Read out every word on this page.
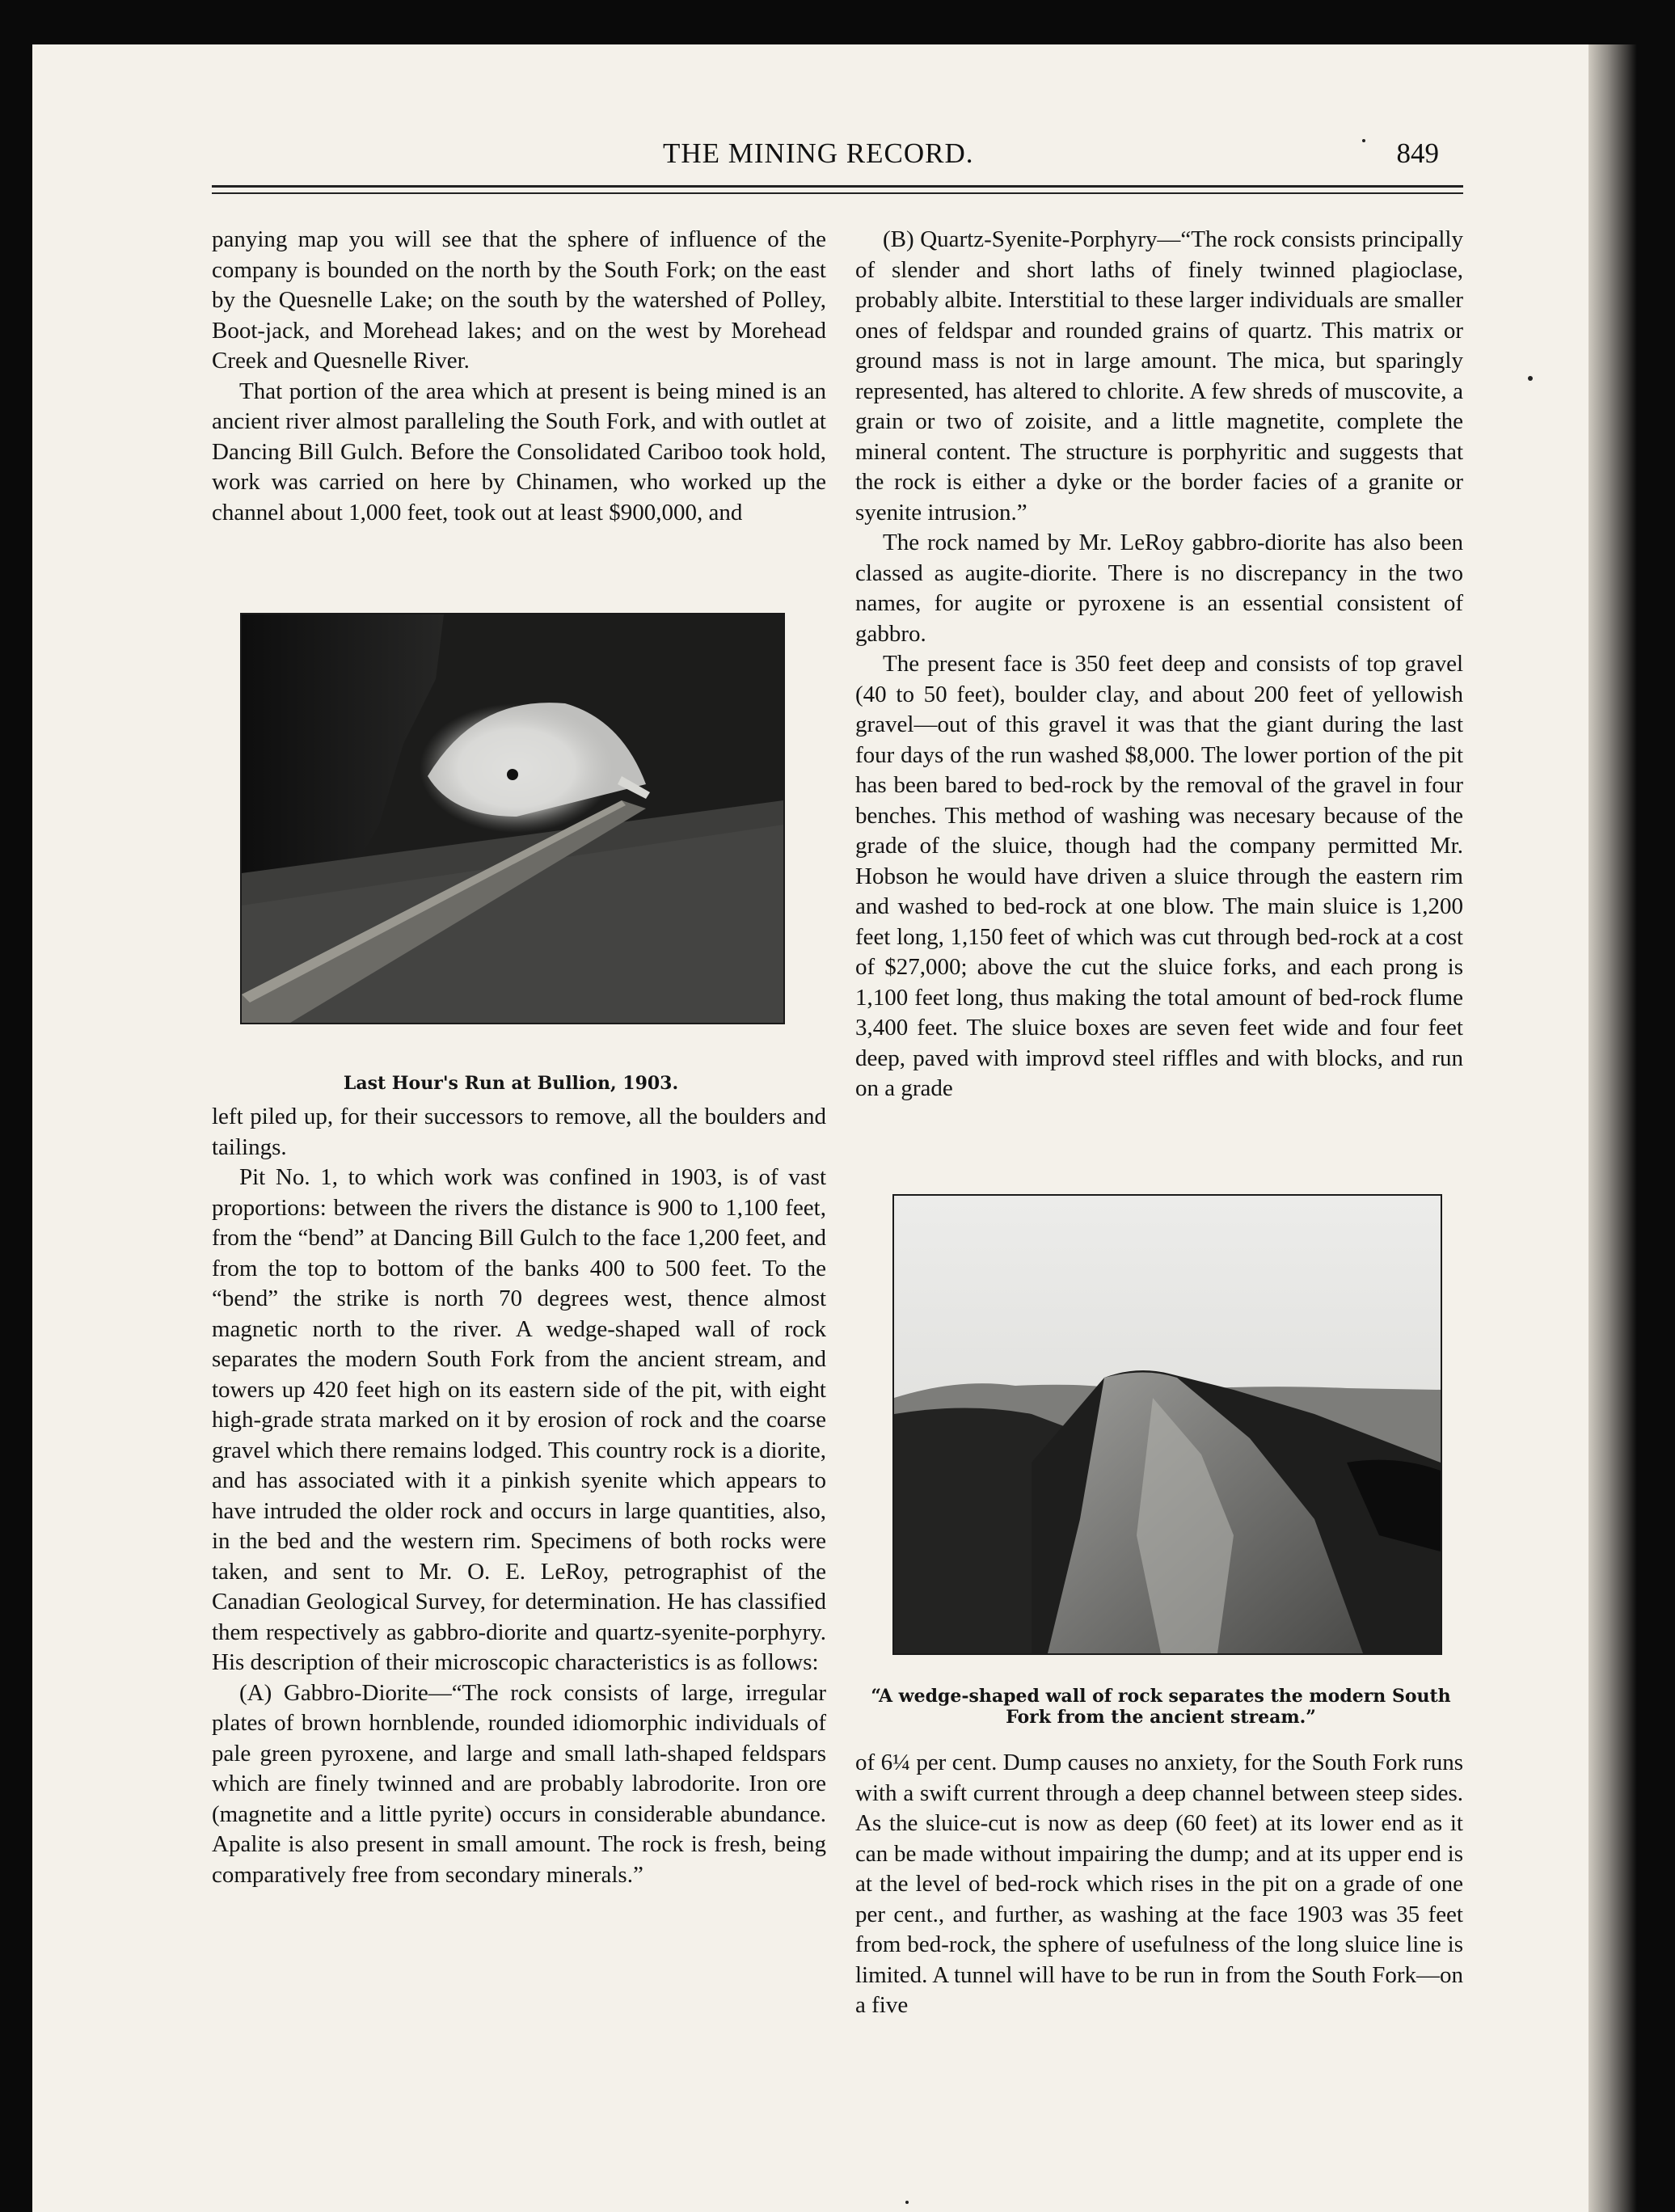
THE MINING RECORD.	849

panying map you will see that the sphere of influence of the company is bounded on the north by the South Fork; on the east by the Quesnelle Lake; on the south by the watershed of Polley, Boot-jack, and Morehead lakes; and on the west by Morehead Creek and Quesnelle River.

That portion of the area which at present is being mined is an ancient river almost paralleling the South Fork, and with outlet at Dancing Bill Gulch. Before the Consolidated Cariboo took hold, work was carried on here by Chinamen, who worked up the channel about 1,000 feet, took out at least $900,000, and

Last Hour's Run at Bullion, 1903.

left piled up, for their successors to remove, all the boulders and tailings.

Pit No. 1, to which work was confined in 1903, is of vast proportions: between the rivers the distance is 900 to 1,100 feet, from the “bend” at Dancing Bill Gulch to the face 1,200 feet, and from the top to bottom of the banks 400 to 500 feet. To the “bend” the strike is north 70 degrees west, thence almost magnetic north to the river. A wedge-shaped wall of rock separates the modern South Fork from the ancient stream, and towers up 420 feet high on its eastern side of the pit, with eight high-grade strata marked on it by erosion of rock and the coarse gravel which there remains lodged. This country rock is a diorite, and has associated with it a pinkish syenite which appears to have intruded the older rock and occurs in large quantities, also, in the bed and the western rim. Specimens of both rocks were taken, and sent to Mr. O. E. LeRoy, petrographist of the Canadian Geological Survey, for determination. He has classified them respectively as gabbro-diorite and quartz-syenite-porphyry. His description of their microscopic characteristics is as follows:

(A) Gabbro-Diorite—“The rock consists of large, irregular plates of brown hornblende, rounded idiomorphic individuals of pale green pyroxene, and large and small lath-shaped feldspars which are finely twinned and are probably labrodorite. Iron ore (magnetite and a little pyrite) occurs in considerable abundance. Apalite is also present in small amount. The rock is fresh, being comparatively free from secondary minerals.”

(B) Quartz-Syenite-Porphyry—“The rock consists principally of slender and short laths of finely twinned plagioclase, probably albite. Interstitial to these larger individuals are smaller ones of feldspar and rounded grains of quartz. This matrix or ground mass is not in large amount. The mica, but sparingly represented, has altered to chlorite. A few shreds of muscovite, a grain or two of zoisite, and a little magnetite, complete the mineral content. The structure is porphyritic and suggests that the rock is either a dyke or the border facies of a granite or syenite intrusion.”

The rock named by Mr. LeRoy gabbro-diorite has also been classed as augite-diorite. There is no discrepancy in the two names, for augite or pyroxene is an essential consistent of gabbro.

The present face is 350 feet deep and consists of top gravel (40 to 50 feet), boulder clay, and about 200 feet of yellowish gravel—out of this gravel it was that the giant during the last four days of the run washed $8,000. The lower portion of the pit has been bared to bed-rock by the removal of the gravel in four benches. This method of washing was necesary because of the grade of the sluice, though had the company permitted Mr. Hobson he would have driven a sluice through the eastern rim and washed to bed-rock at one blow. The main sluice is 1,200 feet long, 1,150 feet of which was cut through bed-rock at a cost of $27,000; above the cut the sluice forks, and each prong is 1,100 feet long, thus making the total amount of bed-rock flume 3,400 feet. The sluice boxes are seven feet wide and four feet deep, paved with improvd steel riffles and with blocks, and run on a grade

“A wedge-shaped wall of rock separates the modern South Fork from the ancient stream.”

of 6¼ per cent. Dump causes no anxiety, for the South Fork runs with a swift current through a deep channel between steep sides. As the sluice-cut is now as deep (60 feet) at its lower end as it can be made without impairing the dump; and at its upper end is at the level of bed-rock which rises in the pit on a grade of one per cent., and further, as washing at the face 1903 was 35 feet from bed-rock, the sphere of usefulness of the long sluice line is limited. A tunnel will have to be run in from the South Fork—on a five
